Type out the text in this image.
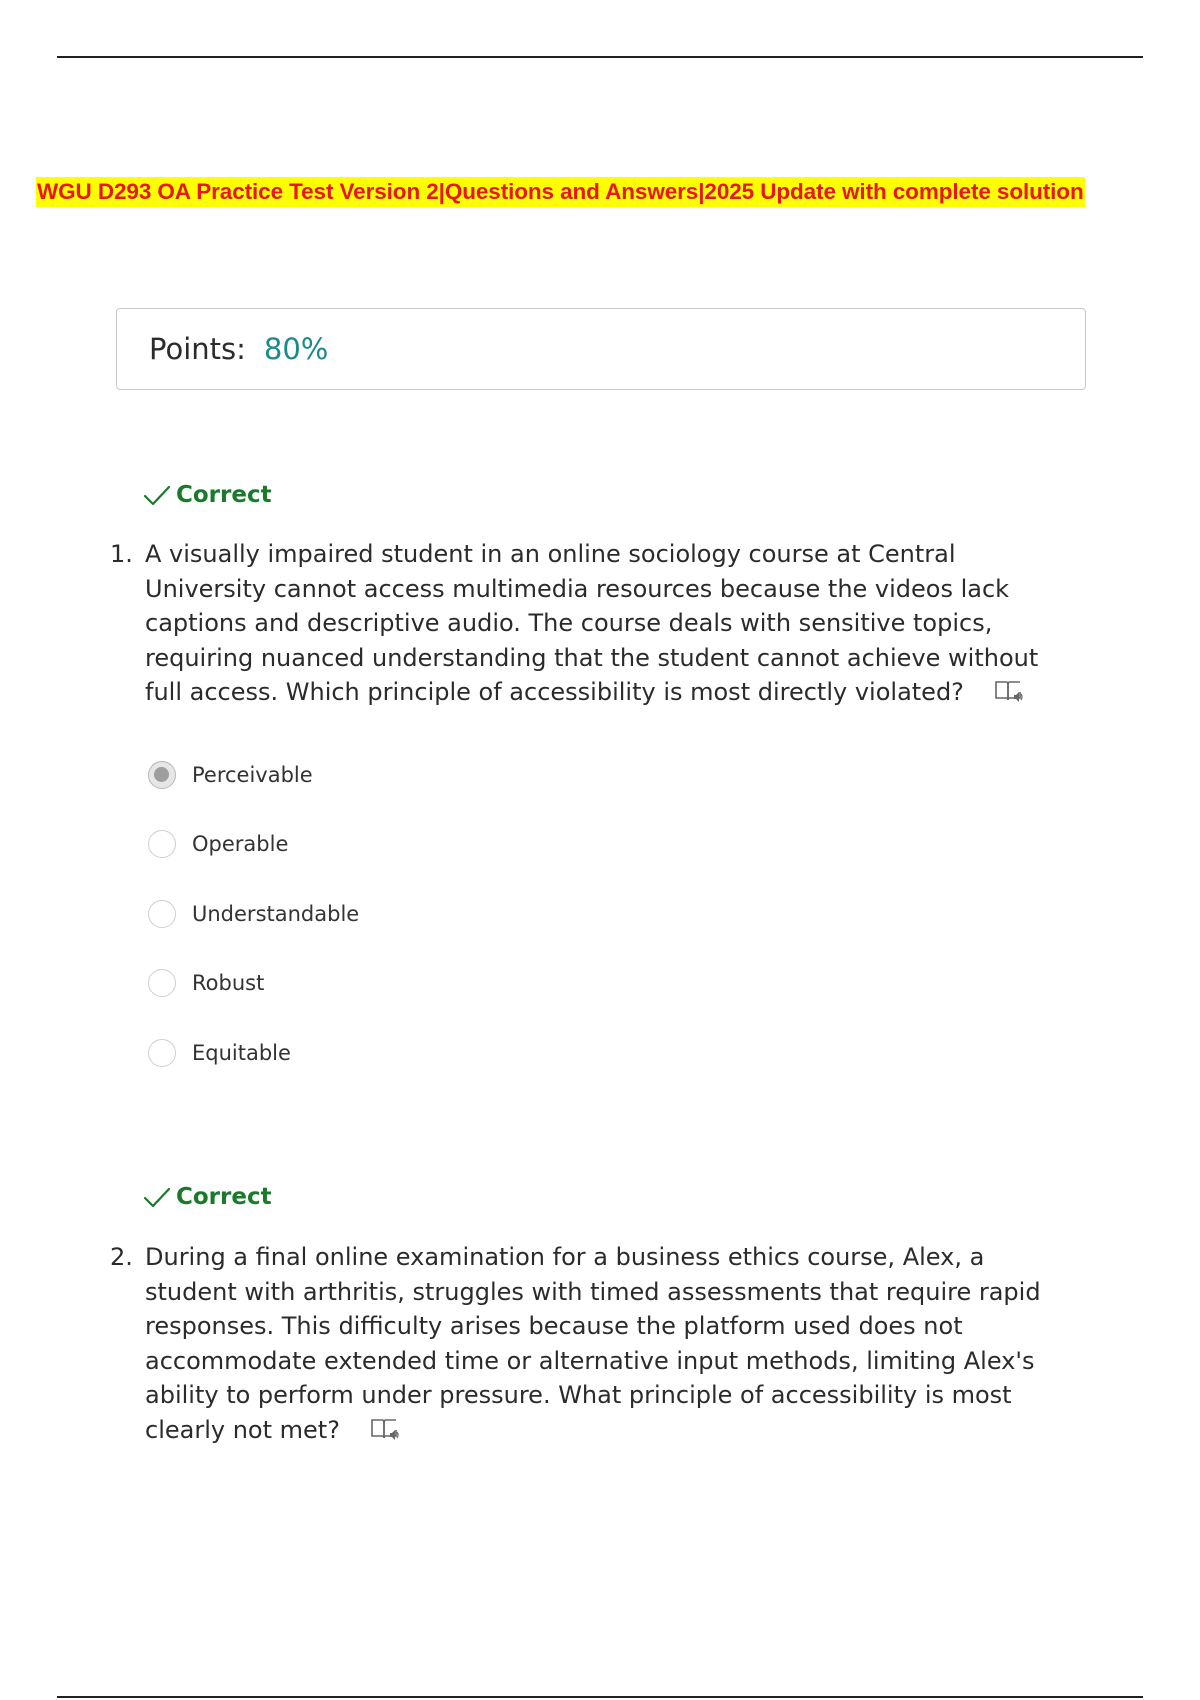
WGU D293 OA Practice Test Version 2|Questions and Answers|2025 Update with complete solution
Points: 80%
Correct
1. A visually impaired student in an online sociology course at Central University cannot access multimedia resources because the videos lack captions and descriptive audio. The course deals with sensitive topics, requiring nuanced understanding that the student cannot achieve without full access. Which principle of accessibility is most directly violated?
Perceivable
Operable
Understandable
Robust
Equitable
Correct
2. During a final online examination for a business ethics course, Alex, a student with arthritis, struggles with timed assessments that require rapid responses. This difficulty arises because the platform used does not accommodate extended time or alternative input methods, limiting Alex's ability to perform under pressure. What principle of accessibility is most clearly not met?
